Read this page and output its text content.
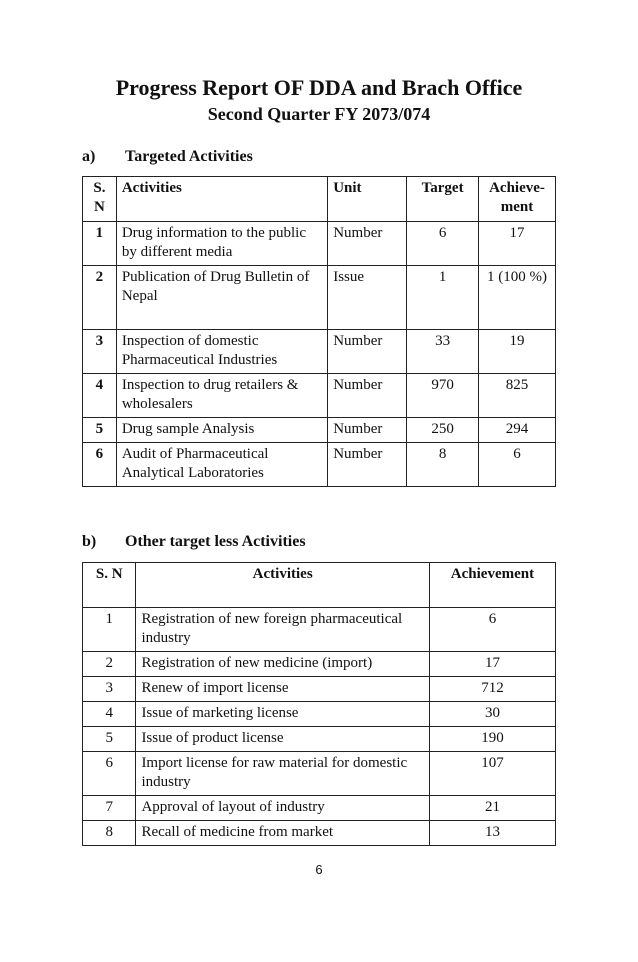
Progress Report OF DDA and Brach Office
Second Quarter FY 2073/074
a) Targeted Activities
S. N	Activities	Unit	Target	Achieve-ment
1	Drug information to the public by different media	Number	6	17
2	Publication of Drug Bulletin of Nepal	Issue	1	1 (100 %)
3	Inspection of domestic Pharmaceutical Industries	Number	33	19
4	Inspection to drug retailers & wholesalers	Number	970	825
5	Drug sample Analysis	Number	250	294
6	Audit of Pharmaceutical Analytical Laboratories	Number	8	6
b) Other target less Activities
S. N	Activities	Achievement
1	Registration of new foreign pharmaceutical industry	6
2	Registration of new medicine (import)	17
3	Renew of import license	712
4	Issue of marketing license	30
5	Issue of product license	190
6	Import license for raw material for domestic industry	107
7	Approval of layout of industry	21
8	Recall of medicine from market	13
6
